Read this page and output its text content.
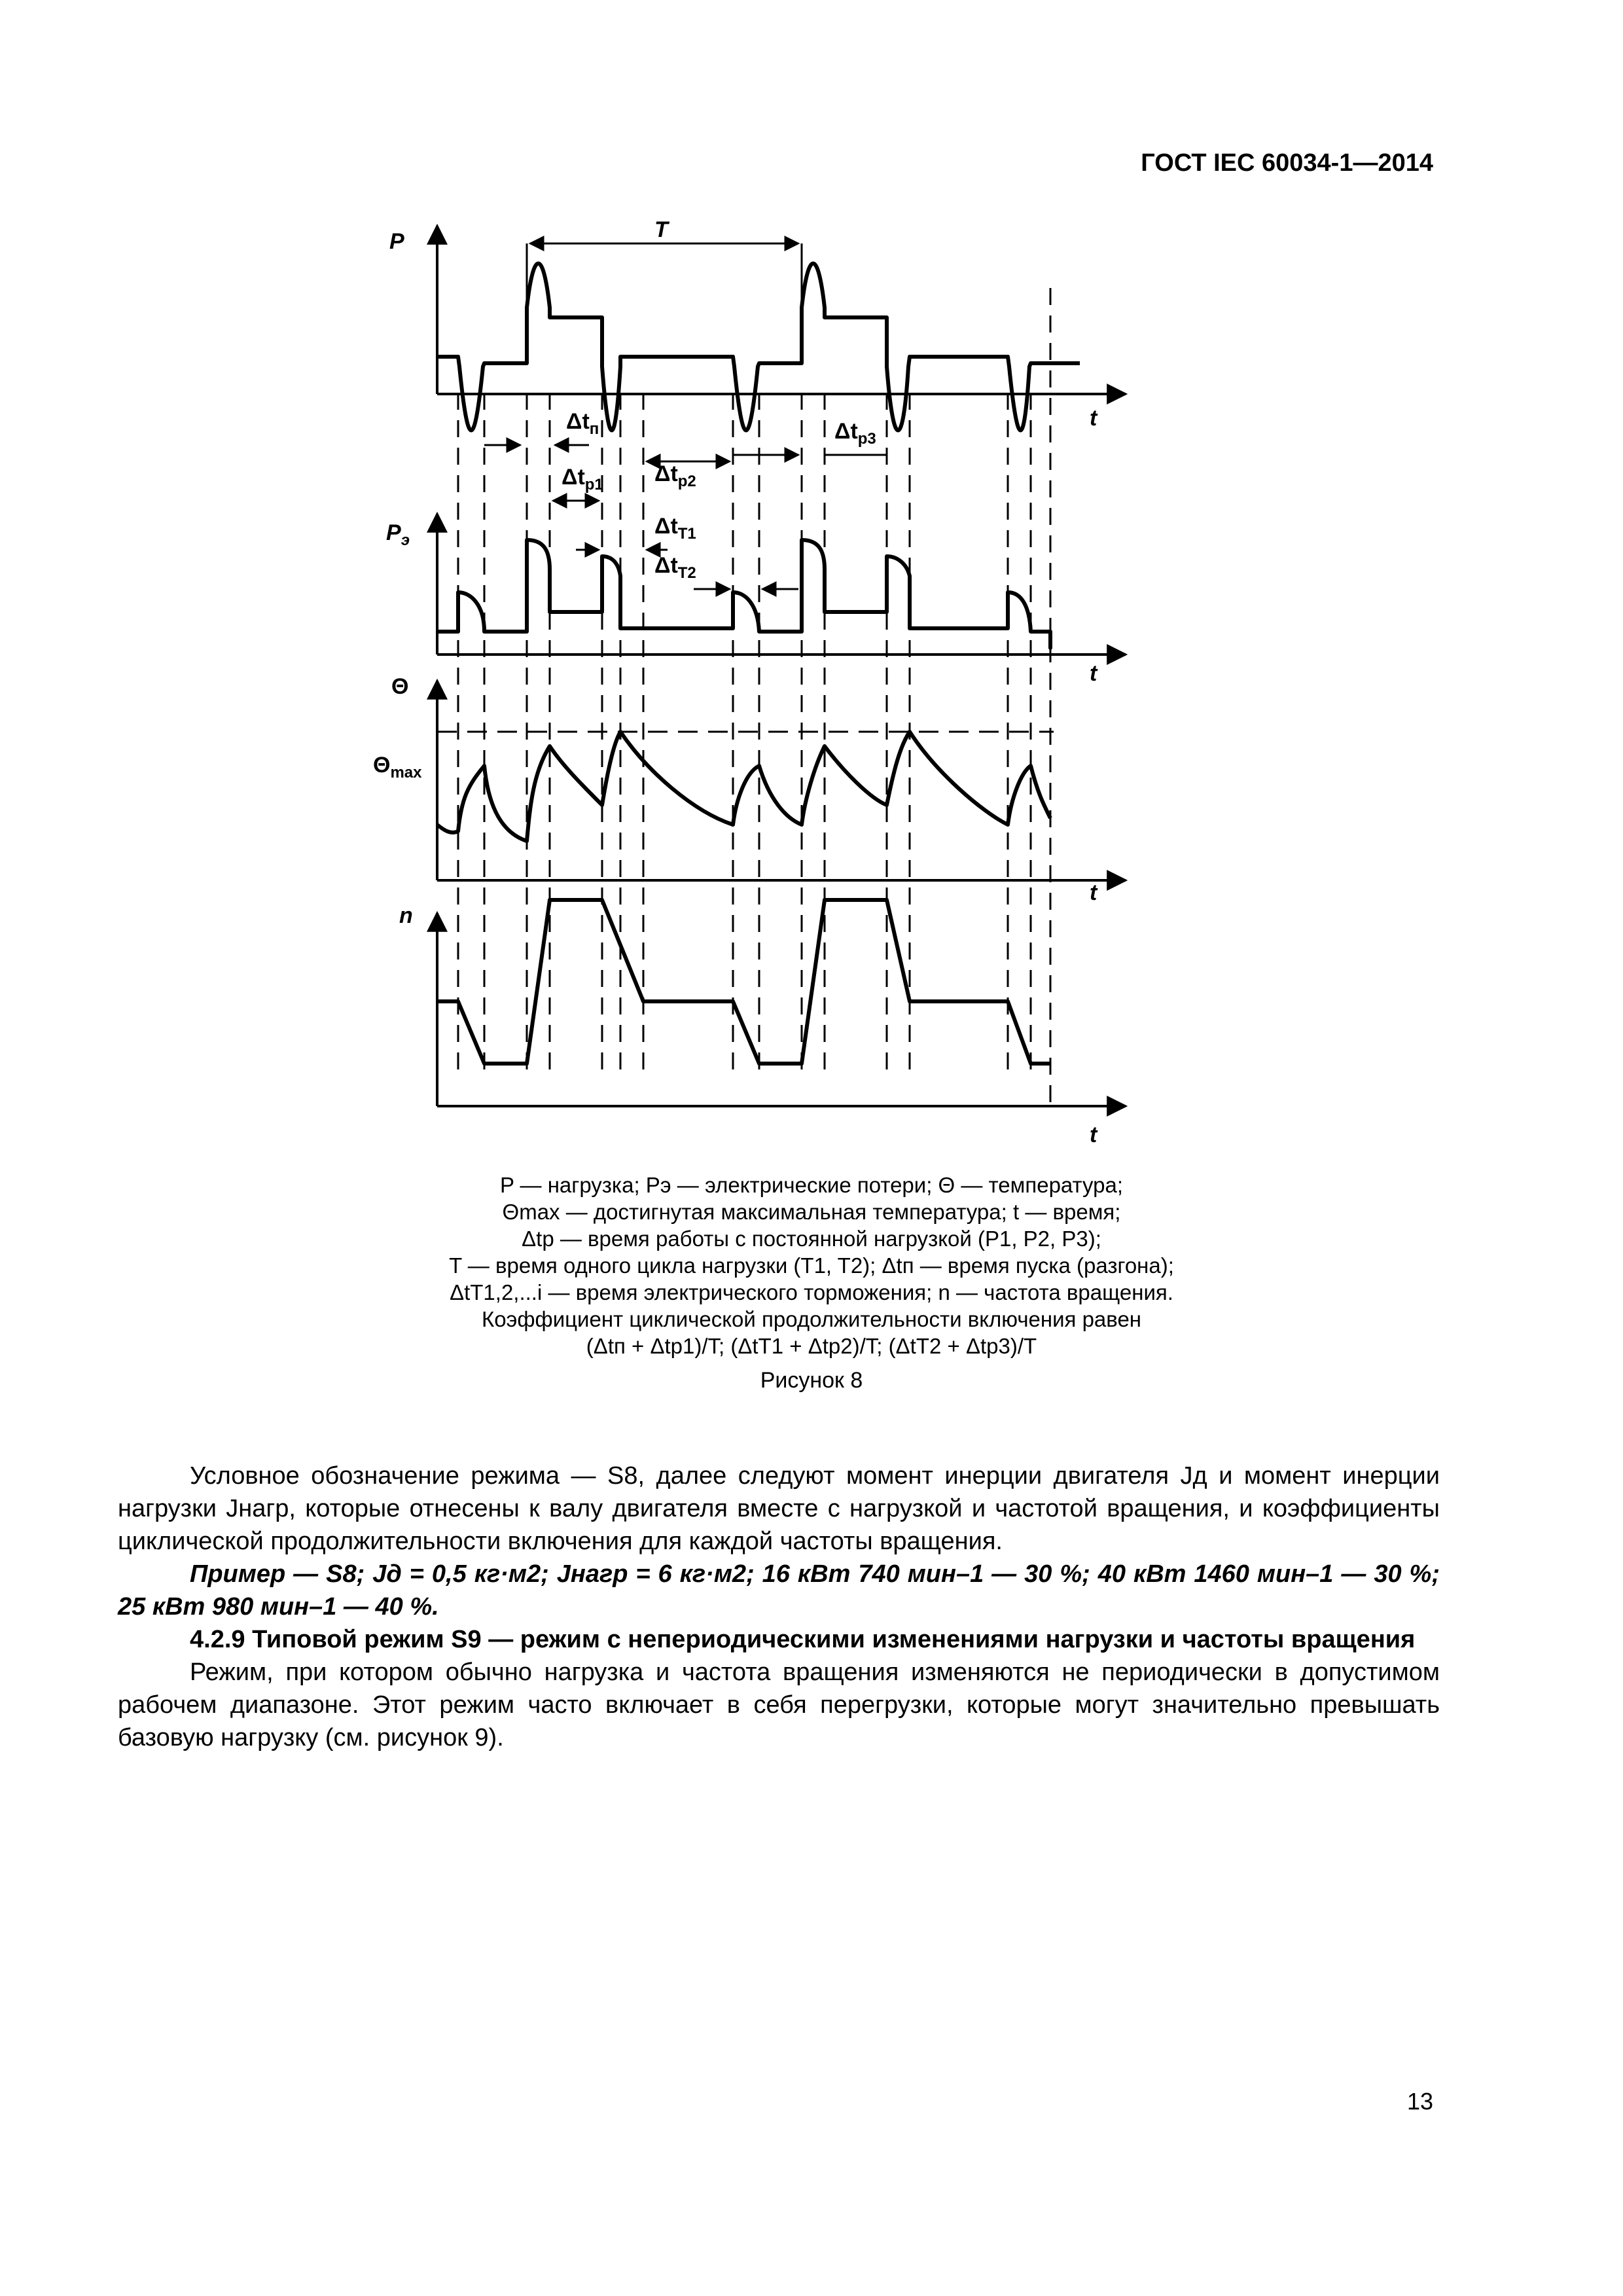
ГОСТ IEC 60034-1—2014
P
t
T
$\Delta t_п$	$\Delta t_{p3}$
$\Delta t_{p1}$ $\Delta t_{p2}$
$\Delta t_{T1}$
$\Delta t_{T2}$
$P_э$
t
Θ
$\Theta_{max}$
t
n
t
P — нагрузка; Pэ — электрические потери; Θ — температура;
Θmax — достигнутая максимальная температура; t — время;
Δtp — время работы с постоянной нагрузкой (P1, P2, P3);
T — время одного цикла нагрузки (T1, T2); Δtп — время пуска (разгона);
ΔtT1,2,...i — время электрического торможения; n — частота вращения.
Коэффициент циклической продолжительности включения равен
(Δtп + Δtp1)/T; (ΔtT1 + Δtp2)/T; (ΔtT2 + Δtp3)/T
Рисунок 8

Условное обозначение режима — S8, далее следуют момент инерции двигателя Jд и момент инерции нагрузки Jнагр, которые отнесены к валу двигателя вместе с нагрузкой и частотой вращения, и коэффициенты циклической продолжительности включения для каждой частоты вращения.

Пример — S8; Jд = 0,5 кг·м2; Jнагр = 6 кг·м2; 16 кВт 740 мин–1 — 30 %; 40 кВт 1460 мин–1 — 30 %; 25 кВт 980 мин–1 — 40 %.

4.2.9 Типовой режим S9 — режим с непериодическими изменениями нагрузки и частоты вращения

Режим, при котором обычно нагрузка и частота вращения изменяются не периодически в допустимом рабочем диапазоне. Этот режим часто включает в себя перегрузки, которые могут значительно превышать базовую нагрузку (см. рисунок 9).

13
